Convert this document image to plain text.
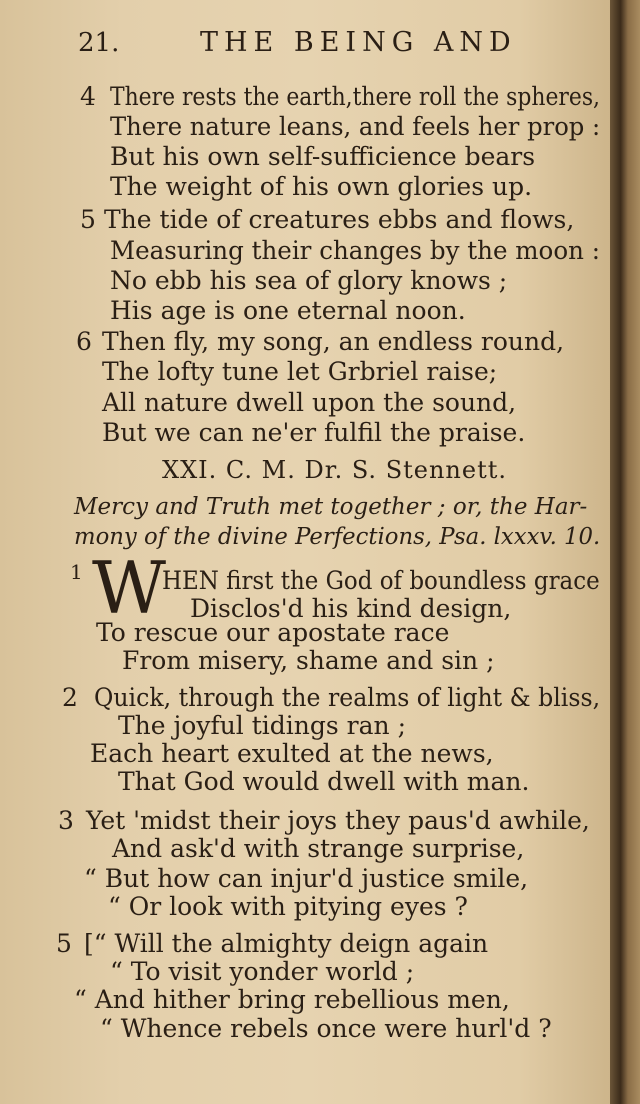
21.	THE BEING AND
4 There rests the earth,there roll the spheres,
There nature leans, and feels her prop :
But his own self-sufficience bears
The weight of his own glories up.
5 The tide of creatures ebbs and flows,
Measuring their changes by the moon :
No ebb his sea of glory knows ;
His age is one eternal noon.
6 Then fly, my song, an endless round,
The lofty tune let Grbriel raise;
All nature dwell upon the sound,
But we can ne'er fulfil the praise.
XXI. C. M. Dr. S. Stennett.
Mercy and Truth met together ; or, the Har-
mony of the divine Perfections, Psa. lxxxv. 10.
1 W
HEN first the God of boundless grace
Disclos'd his kind design,
To rescue our apostate race
From misery, shame and sin ;
2 Quick, through the realms of light & bliss,
The joyful tidings ran ;
Each heart exulted at the news,
That God would dwell with man.
3 Yet 'midst their joys they paus'd awhile,
And ask'd with strange surprise,
“ But how can injur'd justice smile,
“ Or look with pitying eyes ?
5 [“ Will the almighty deign again
“ To visit yonder world ;
“ And hither bring rebellious men,
“ Whence rebels once were hurl'd ?
